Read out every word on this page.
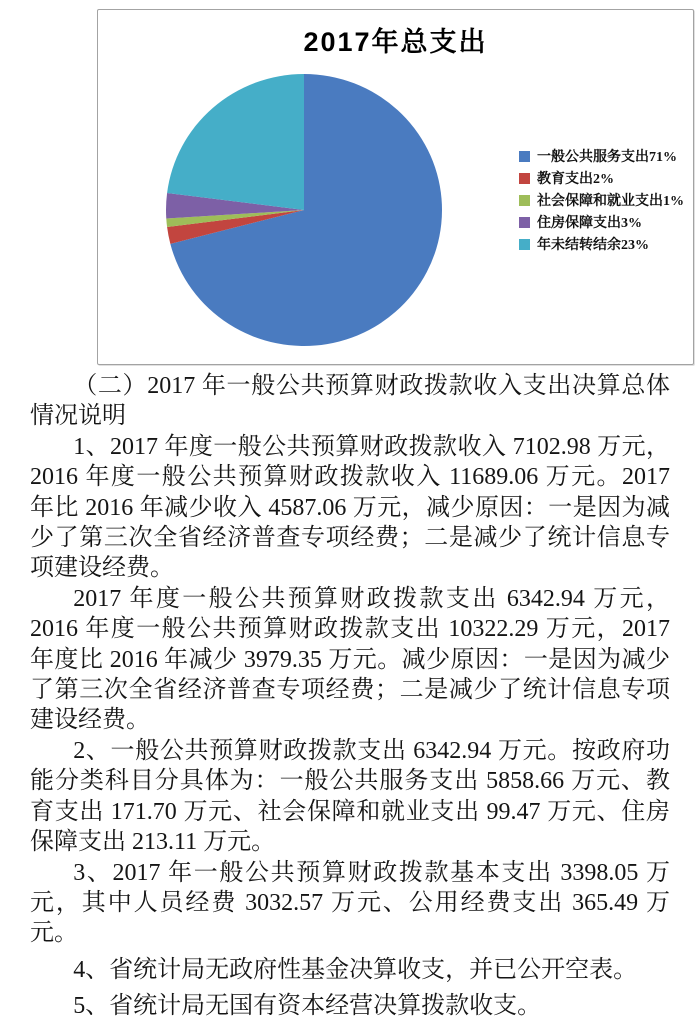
2017年总支出
一般公共服务支出71%
教育支出2%
社会保障和就业支出1%
住房保障支出3%
年未结转结余23%

（二）2017 年一般公共预算财政拨款收入支出决算总体情况说明

1、2017 年度一般公共预算财政拨款收入 7102.98 万元，2016 年度一般公共预算财政拨款收入 11689.06 万元。2017 年比 2016 年减少收入 4587.06 万元，减少原因：一是因为减少了第三次全省经济普查专项经费；二是减少了统计信息专项建设经费。

2017 年度一般公共预算财政拨款支出 6342.94 万元，2016 年度一般公共预算财政拨款支出 10322.29 万元，2017 年度比 2016 年减少 3979.35 万元。减少原因：一是因为减少了第三次全省经济普查专项经费；二是减少了统计信息专项建设经费。

2、一般公共预算财政拨款支出 6342.94 万元。按政府功能分类科目分具体为：一般公共服务支出 5858.66 万元、教育支出 171.70 万元、社会保障和就业支出 99.47 万元、住房保障支出 213.11 万元。

3、2017 年一般公共预算财政拨款基本支出 3398.05 万元，其中人员经费 3032.57 万元、公用经费支出 365.49 万元。

4、省统计局无政府性基金决算收支，并已公开空表。

5、省统计局无国有资本经营决算拨款收支。
